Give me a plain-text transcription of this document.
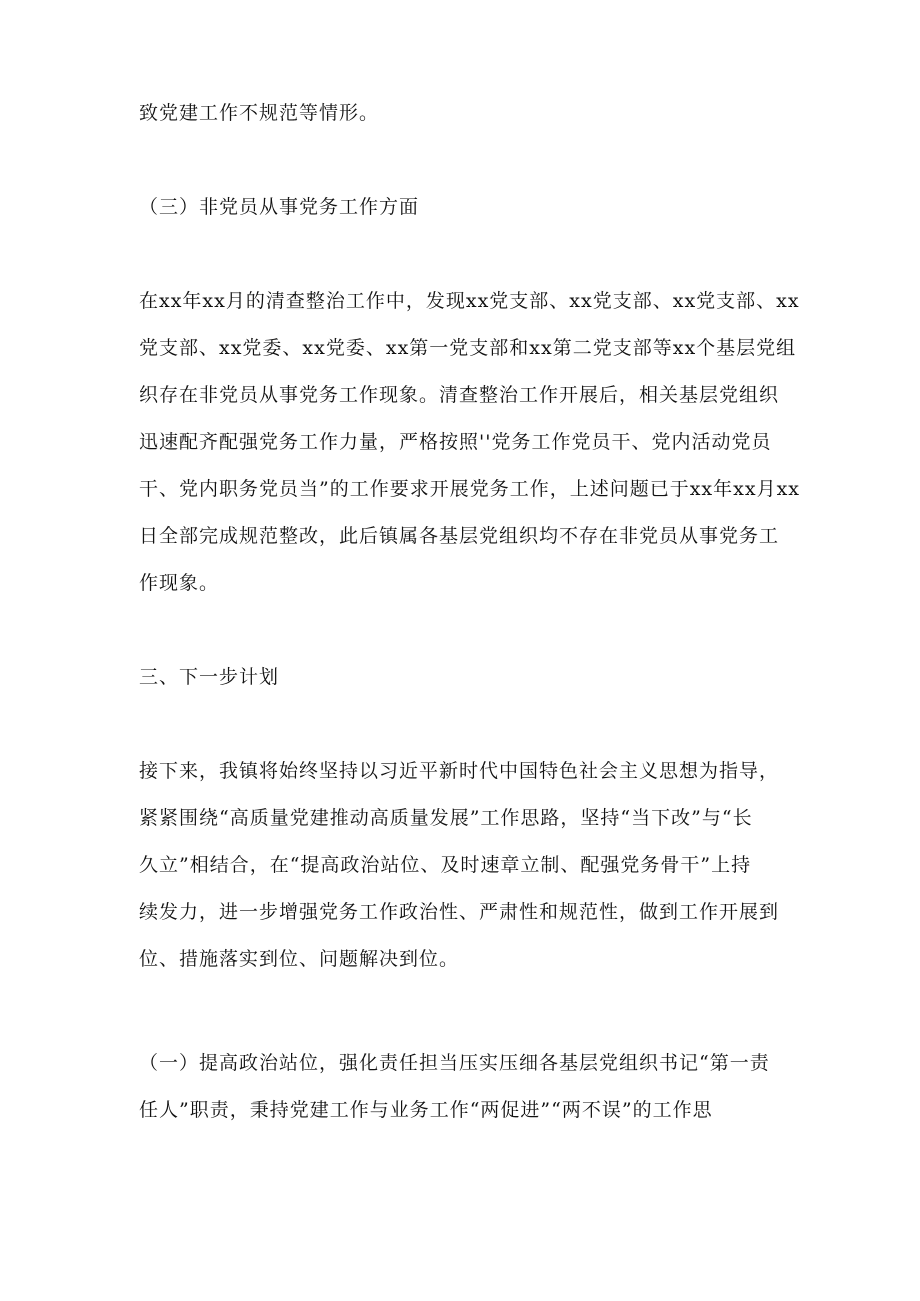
致党建工作不规范等情形。
（三）非党员从事党务工作方面
在xx年xx月的清查整治工作中，发现xx党支部、xx党支部、xx党支部、xx
党支部、xx党委、xx党委、xx第一党支部和xx第二党支部等xx个基层党组
织存在非党员从事党务工作现象。清查整治工作开展后，相关基层党组织
迅速配齐配强党务工作力量，严格按照''党务工作党员干、党内活动党员
干、党内职务党员当”的工作要求开展党务工作，上述问题已于xx年xx月xx
日全部完成规范整改，此后镇属各基层党组织均不存在非党员从事党务工
作现象。
三、下一步计划
接下来，我镇将始终坚持以习近平新时代中国特色社会主义思想为指导，
紧紧围绕“高质量党建推动高质量发展”工作思路，坚持“当下改”与“长
久立”相结合，在“提高政治站位、及时速章立制、配强党务骨干”上持
续发力，进一步增强党务工作政治性、严肃性和规范性，做到工作开展到
位、措施落实到位、问题解决到位。
（一）提高政治站位，强化责任担当压实压细各基层党组织书记“第一责
任人”职责，秉持党建工作与业务工作“两促进”“两不误”的工作思
